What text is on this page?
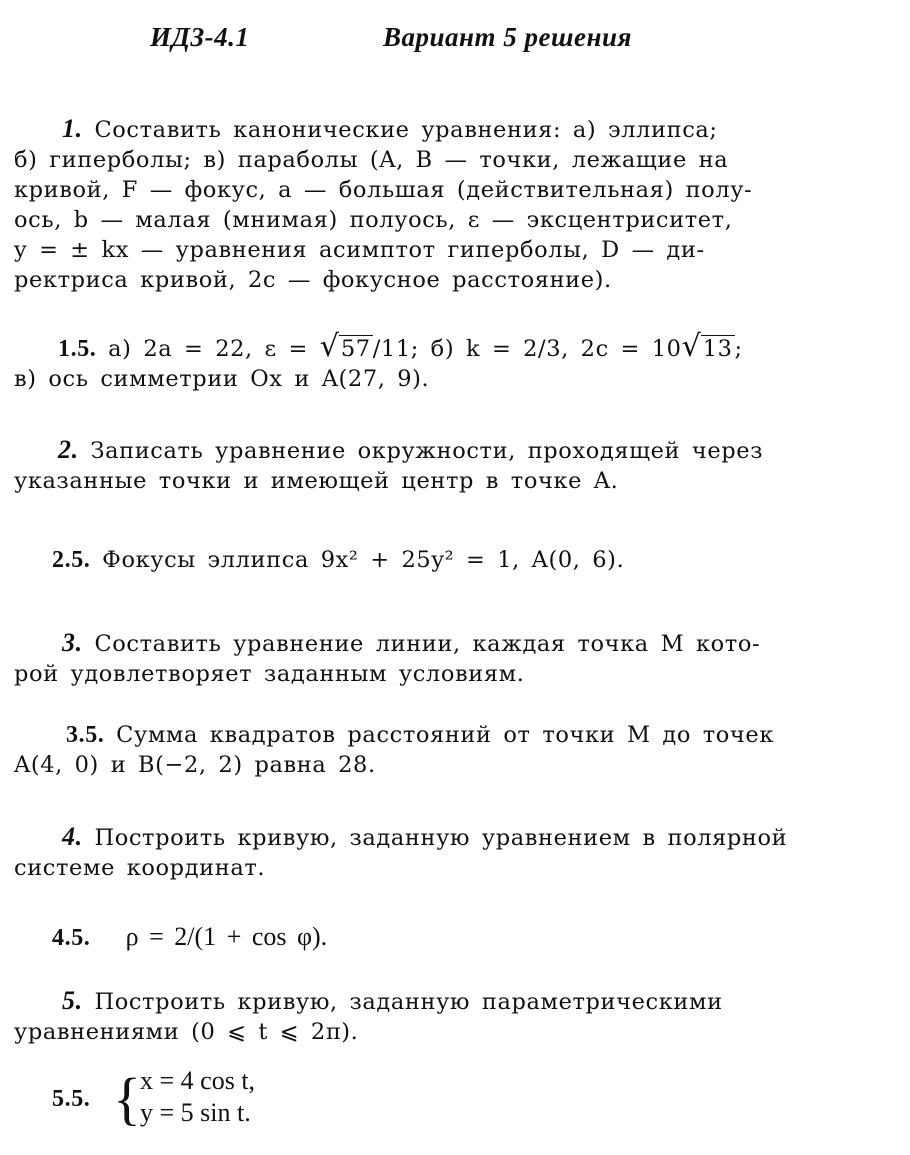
ИДЗ-4.1	Вариант 5 решения
1. Составить канонические уравнения: а) эллипса;
б) гиперболы; в) параболы (A, B — точки, лежащие на
кривой, F — фокус, a — большая (действительная) полу-
ось, b — малая (мнимая) полуось, ε — эксцентриситет,
y = ± kx — уравнения асимптот гиперболы, D — ди-
ректриса кривой, 2c — фокусное расстояние).
1.5. а) 2a = 22, ε = √57/11; б) k = 2/3, 2c = 10√13;
в) ось симметрии Ox и A(27, 9).
2. Записать уравнение окружности, проходящей через
указанные точки и имеющей центр в точке A.
2.5. Фокусы эллипса 9x² + 25y² = 1, A(0, 6).
3. Составить уравнение линии, каждая точка M кото-
рой удовлетворяет заданным условиям.
3.5. Сумма квадратов расстояний от точки M до точек
A(4, 0) и B(−2, 2) равна 28.
4. Построить кривую, заданную уравнением в полярной
системе координат.
4.5. ρ = 2/(1 + cos φ).
5. Построить кривую, заданную параметрическими
уравнениями (0 ⩽ t ⩽ 2π).
5.5. { x = 4 cos t,
y = 5 sin t.
